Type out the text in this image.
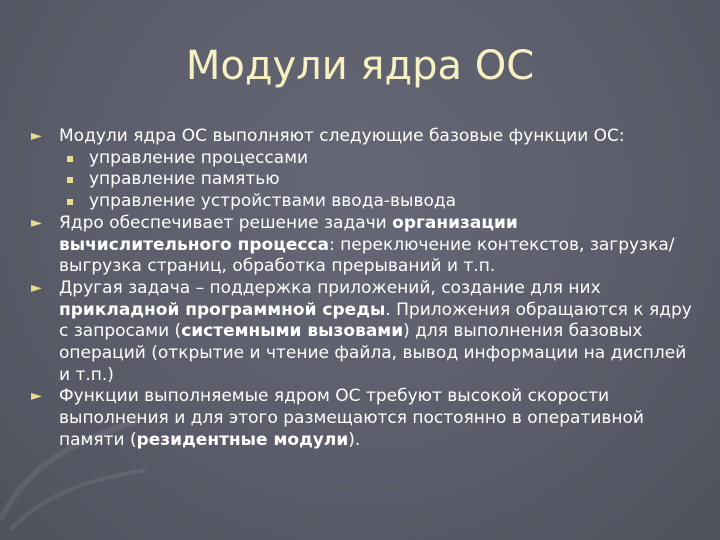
Модули ядра ОС
► Модули ядра ОС выполняют следующие базовые функции ОС:
управление процессами
управление памятью
управление устройствами ввода-вывода
► Ядро обеспечивает решение задачи организации вычислительного процесса: переключение контекстов, загрузка/выгрузка страниц, обработка прерываний и т.п.
► Другая задача – поддержка приложений, создание для них прикладной программной среды. Приложения обращаются к ядру с запросами (системными вызовами) для выполнения базовых операций (открытие и чтение файла, вывод информации на дисплей и т.п.)
► Функции выполняемые ядром ОС требуют высокой скорости выполнения и для этого размещаются постоянно в оперативной памяти (резидентные модули).
